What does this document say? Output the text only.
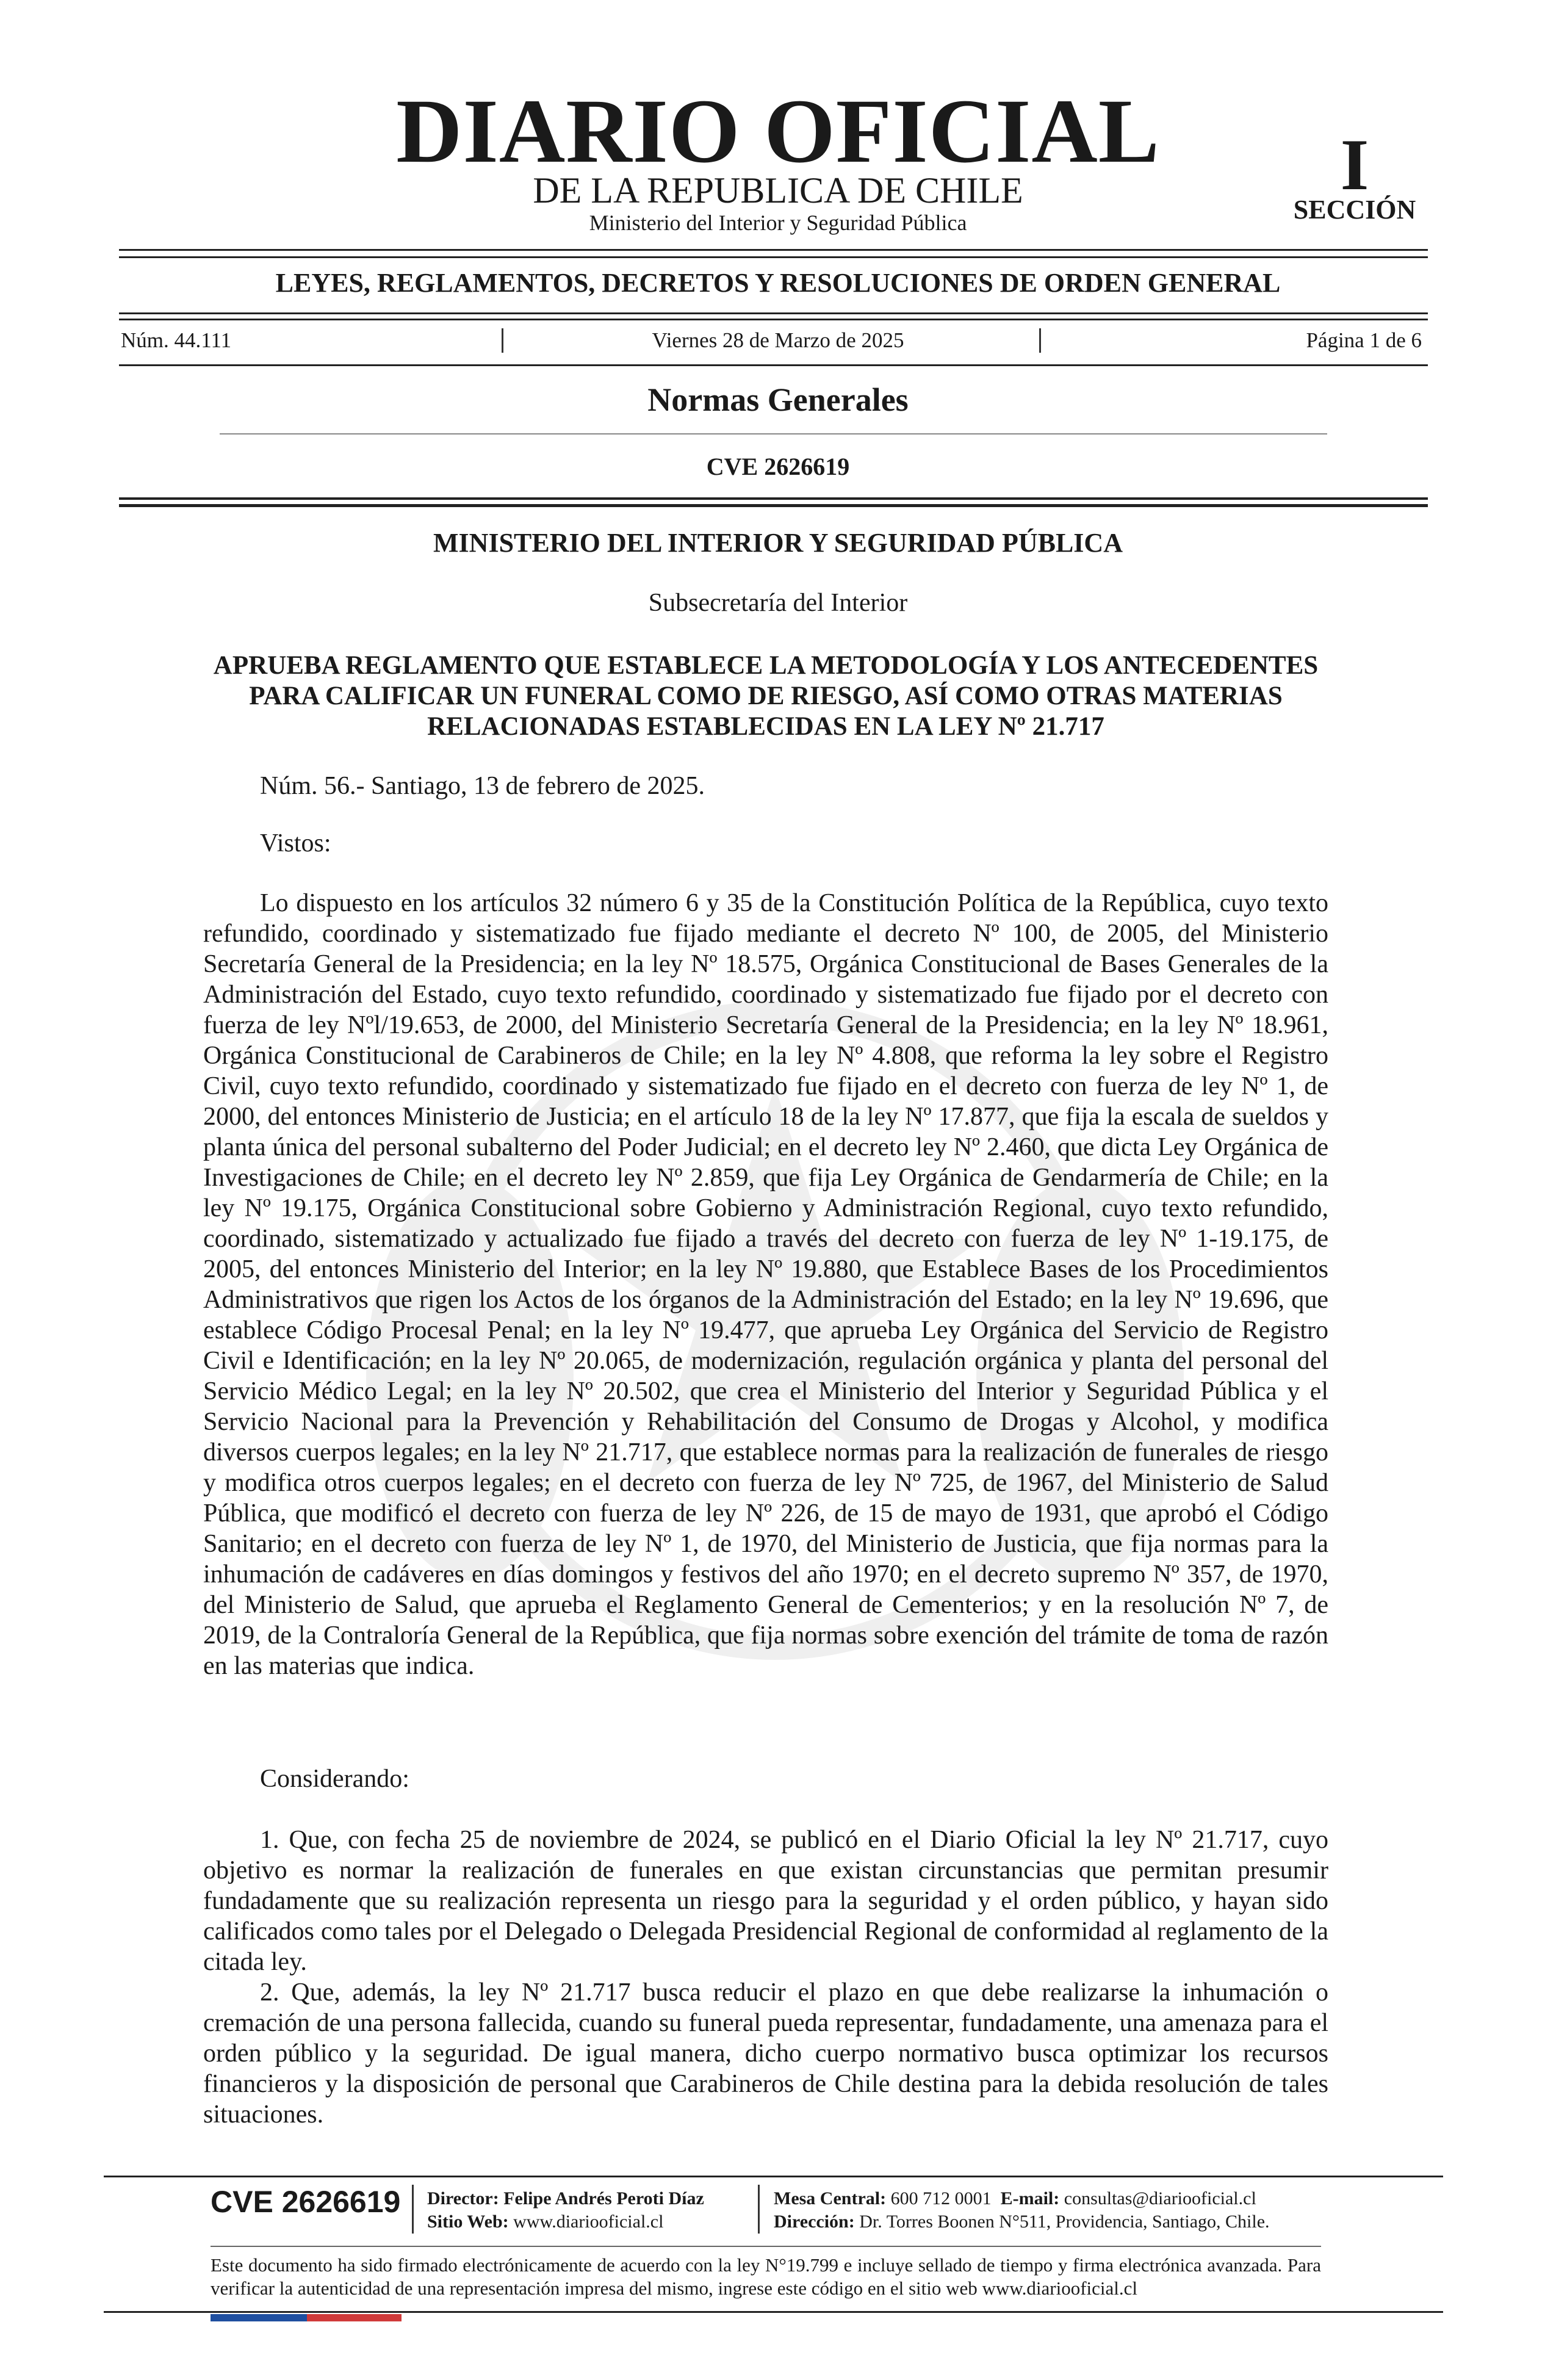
DIARIO OFICIAL
DE LA REPUBLICA DE CHILE
Ministerio del Interior y Seguridad Pública
I
SECCIÓN
LEYES, REGLAMENTOS, DECRETOS Y RESOLUCIONES DE ORDEN GENERAL
Núm. 44.111	Viernes 28 de Marzo de 2025	Página 1 de 6
Normas Generales
CVE 2626619
MINISTERIO DEL INTERIOR Y SEGURIDAD PÚBLICA
Subsecretaría del Interior
APRUEBA REGLAMENTO QUE ESTABLECE LA METODOLOGÍA Y LOS ANTECEDENTES PARA CALIFICAR UN FUNERAL COMO DE RIESGO, ASÍ COMO OTRAS MATERIAS RELACIONADAS ESTABLECIDAS EN LA LEY Nº 21.717
Núm. 56.- Santiago, 13 de febrero de 2025.
Vistos:
Lo dispuesto en los artículos 32 número 6 y 35 de la Constitución Política de la República, cuyo texto refundido, coordinado y sistematizado fue fijado mediante el decreto Nº 100, de 2005, del Ministerio Secretaría General de la Presidencia; en la ley Nº 18.575, Orgánica Constitucional de Bases Generales de la Administración del Estado, cuyo texto refundido, coordinado y sistematizado fue fijado por el decreto con fuerza de ley Nºl/19.653, de 2000, del Ministerio Secretaría General de la Presidencia; en la ley Nº 18.961, Orgánica Constitucional de Carabineros de Chile; en la ley Nº 4.808, que reforma la ley sobre el Registro Civil, cuyo texto refundido, coordinado y sistematizado fue fijado en el decreto con fuerza de ley Nº 1, de 2000, del entonces Ministerio de Justicia; en el artículo 18 de la ley Nº 17.877, que fija la escala de sueldos y planta única del personal subalterno del Poder Judicial; en el decreto ley Nº 2.460, que dicta Ley Orgánica de Investigaciones de Chile; en el decreto ley Nº 2.859, que fija Ley Orgánica de Gendarmería de Chile; en la ley Nº 19.175, Orgánica Constitucional sobre Gobierno y Administración Regional, cuyo texto refundido, coordinado, sistematizado y actualizado fue fijado a través del decreto con fuerza de ley Nº 1-19.175, de 2005, del entonces Ministerio del Interior; en la ley Nº 19.880, que Establece Bases de los Procedimientos Administrativos que rigen los Actos de los órganos de la Administración del Estado; en la ley Nº 19.696, que establece Código Procesal Penal; en la ley Nº 19.477, que aprueba Ley Orgánica del Servicio de Registro Civil e Identificación; en la ley Nº 20.065, de modernización, regulación orgánica y planta del personal del Servicio Médico Legal; en la ley Nº 20.502, que crea el Ministerio del Interior y Seguridad Pública y el Servicio Nacional para la Prevención y Rehabilitación del Consumo de Drogas y Alcohol, y modifica diversos cuerpos legales; en la ley Nº 21.717, que establece normas para la realización de funerales de riesgo y modifica otros cuerpos legales; en el decreto con fuerza de ley Nº 725, de 1967, del Ministerio de Salud Pública, que modificó el decreto con fuerza de ley Nº 226, de 15 de mayo de 1931, que aprobó el Código Sanitario; en el decreto con fuerza de ley Nº 1, de 1970, del Ministerio de Justicia, que fija normas para la inhumación de cadáveres en días domingos y festivos del año 1970; en el decreto supremo Nº 357, de 1970, del Ministerio de Salud, que aprueba el Reglamento General de Cementerios; y en la resolución Nº 7, de 2019, de la Contraloría General de la República, que fija normas sobre exención del trámite de toma de razón en las materias que indica.
Considerando:
1. Que, con fecha 25 de noviembre de 2024, se publicó en el Diario Oficial la ley Nº 21.717, cuyo objetivo es normar la realización de funerales en que existan circunstancias que permitan presumir fundadamente que su realización representa un riesgo para la seguridad y el orden público, y hayan sido calificados como tales por el Delegado o Delegada Presidencial Regional de conformidad al reglamento de la citada ley.
2. Que, además, la ley Nº 21.717 busca reducir el plazo en que debe realizarse la inhumación o cremación de una persona fallecida, cuando su funeral pueda representar, fundadamente, una amenaza para el orden público y la seguridad. De igual manera, dicho cuerpo normativo busca optimizar los recursos financieros y la disposición de personal que Carabineros de Chile destina para la debida resolución de tales situaciones.
CVE 2626619 Director: Felipe Andrés Peroti Díaz
Sitio Web: www.diariooficial.cl
Mesa Central: 600 712 0001 E-mail: consultas@diariooficial.cl
Dirección: Dr. Torres Boonen N°511, Providencia, Santiago, Chile.
Este documento ha sido firmado electrónicamente de acuerdo con la ley N°19.799 e incluye sellado de tiempo y firma electrónica avanzada. Para verificar la autenticidad de una representación impresa del mismo, ingrese este código en el sitio web www.diariooficial.cl
